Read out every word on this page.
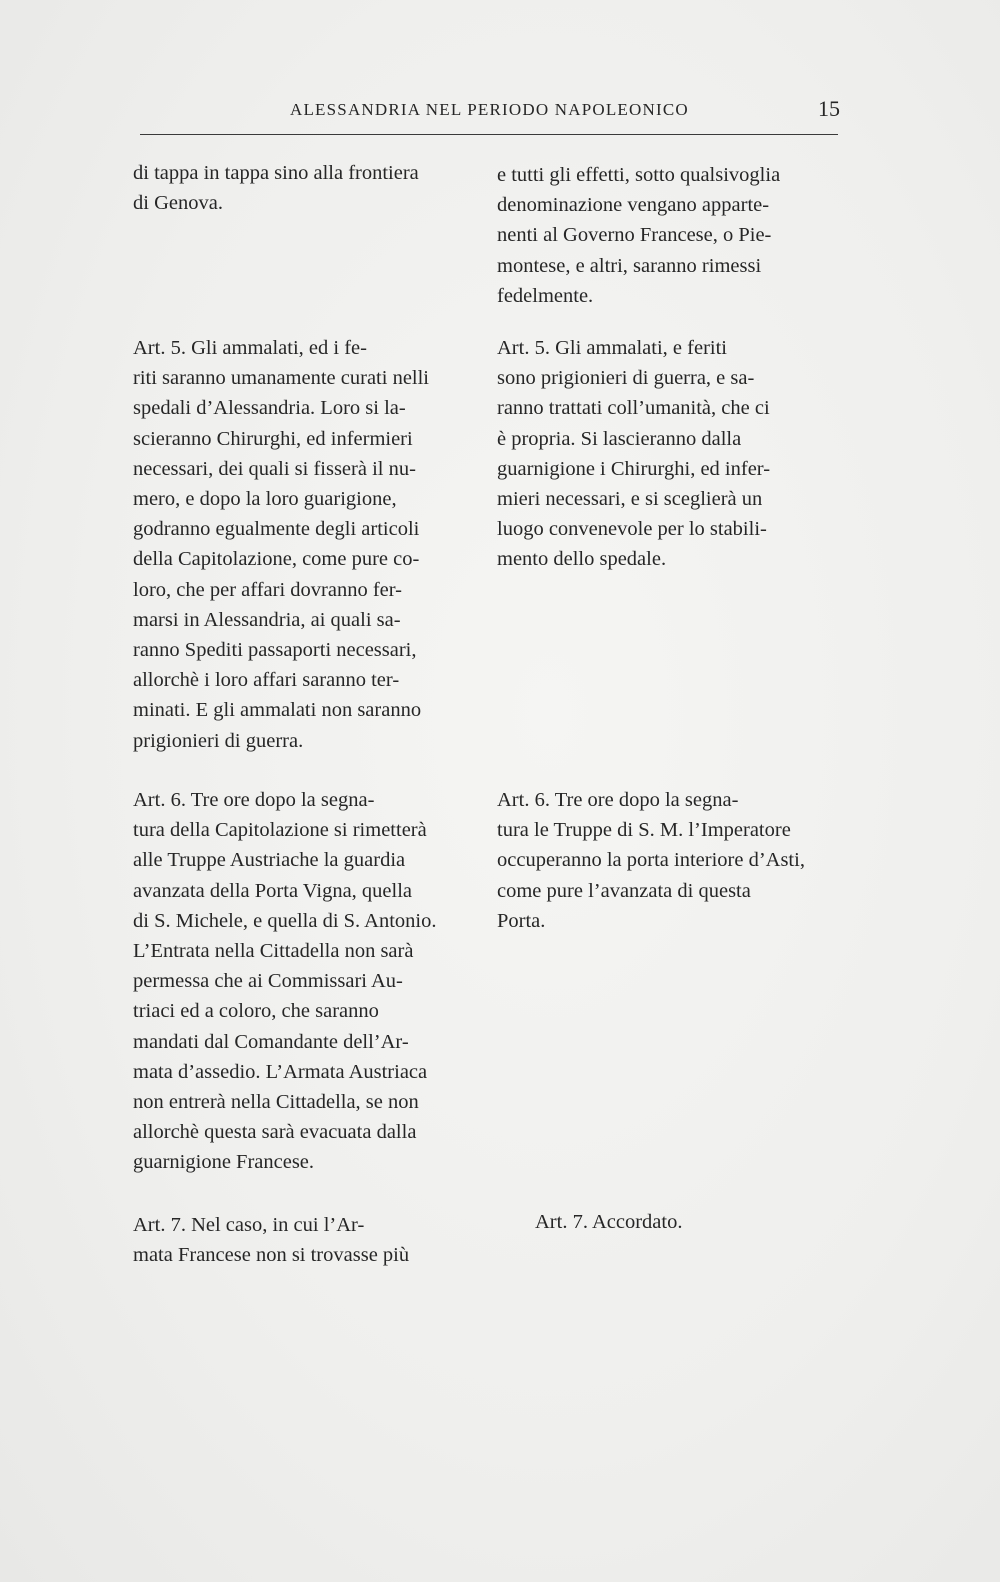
ALESSANDRIA NEL PERIODO NAPOLEONICO	15
di tappa in tappa sino alla frontiera
di Genova.
Art. 5. Gli ammalati, ed i fe-
riti saranno umanamente curati nelli
spedali d’Alessandria. Loro si la-
scieranno Chirurghi, ed infermieri
necessari, dei quali si fisserà il nu-
mero, e dopo la loro guarigione,
godranno egualmente degli articoli
della Capitolazione, come pure co-
loro, che per affari dovranno fer-
marsi in Alessandria, ai quali sa-
ranno Spediti passaporti necessari,
allorchè i loro affari saranno ter-
minati. E gli ammalati non saranno
prigionieri di guerra.
Art. 6. Tre ore dopo la segna-
tura della Capitolazione si rimetterà
alle Truppe Austriache la guardia
avanzata della Porta Vigna, quella
di S. Michele, e quella di S. Antonio.
L’Entrata nella Cittadella non sarà
permessa che ai Commissari Au-
triaci ed a coloro, che saranno
mandati dal Comandante dell’Ar-
mata d’assedio. L’Armata Austriaca
non entrerà nella Cittadella, se non
allorchè questa sarà evacuata dalla
guarnigione Francese.
Art. 7. Nel caso, in cui l’Ar-
mata Francese non si trovasse più
e tutti gli effetti, sotto qualsivoglia
denominazione vengano apparte-
nenti al Governo Francese, o Pie-
montese, e altri, saranno rimessi
fedelmente.
Art. 5. Gli ammalati, e feriti
sono prigionieri di guerra, e sa-
ranno trattati coll’umanità, che ci
è propria. Si lascieranno dalla
guarnigione i Chirurghi, ed infer-
mieri necessari, e si sceglierà un
luogo convenevole per lo stabili-
mento dello spedale.
Art. 6. Tre ore dopo la segna-
tura le Truppe di S. M. l’Imperatore
occuperanno la porta interiore d’Asti,
come pure l’avanzata di questa
Porta.
Art. 7. Accordato.
